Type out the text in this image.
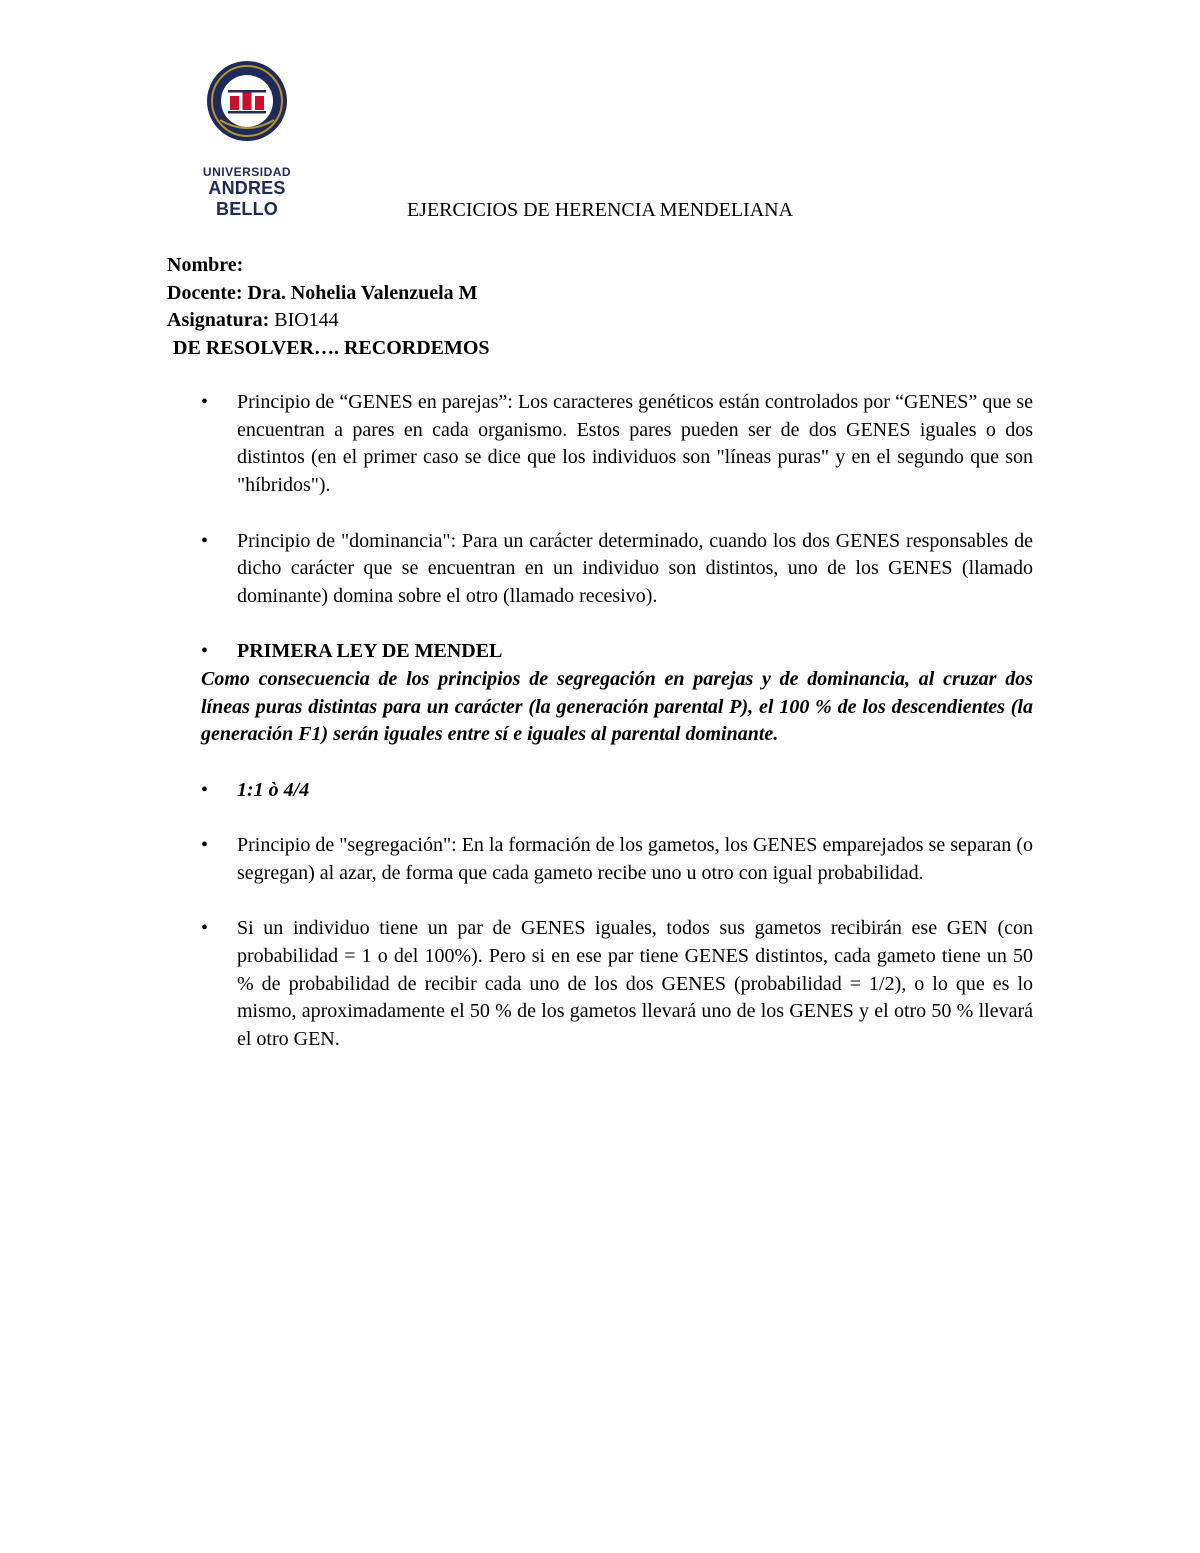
UNIVERSIDAD
ANDRES BELLO	EJERCICIOS DE HERENCIA MENDELIANA
Nombre:
Docente: Dra. Nohelia Valenzuela M
Asignatura: BIO144
DE RESOLVER…. RECORDEMOS
•	Principio de “GENES en parejas”: Los caracteres genéticos están controlados por “GENES” que se encuentran a pares en cada organismo. Estos pares pueden ser de dos GENES iguales o dos distintos (en el primer caso se dice que los individuos son "líneas puras" y en el segundo que son "híbridos").
•	Principio de "dominancia": Para un carácter determinado, cuando los dos GENES responsables de dicho carácter que se encuentran en un individuo son distintos, uno de los GENES (llamado dominante) domina sobre el otro (llamado recesivo).
•	PRIMERA LEY DE MENDEL
Como consecuencia de los principios de segregación en parejas y de dominancia, al cruzar dos líneas puras distintas para un carácter (la generación parental P), el 100 % de los descendientes (la generación F1) serán iguales entre sí e iguales al parental dominante.
•	1:1 ò 4/4
•	Principio de "segregación": En la formación de los gametos, los GENES emparejados se separan (o segregan) al azar, de forma que cada gameto recibe uno u otro con igual probabilidad.
•	Si un individuo tiene un par de GENES iguales, todos sus gametos recibirán ese GEN (con probabilidad = 1 o del 100%). Pero si en ese par tiene GENES distintos, cada gameto tiene un 50 % de probabilidad de recibir cada uno de los dos GENES (probabilidad = 1/2), o lo que es lo mismo, aproximadamente el 50 % de los gametos llevará uno de los GENES y el otro 50 % llevará el otro GEN.
